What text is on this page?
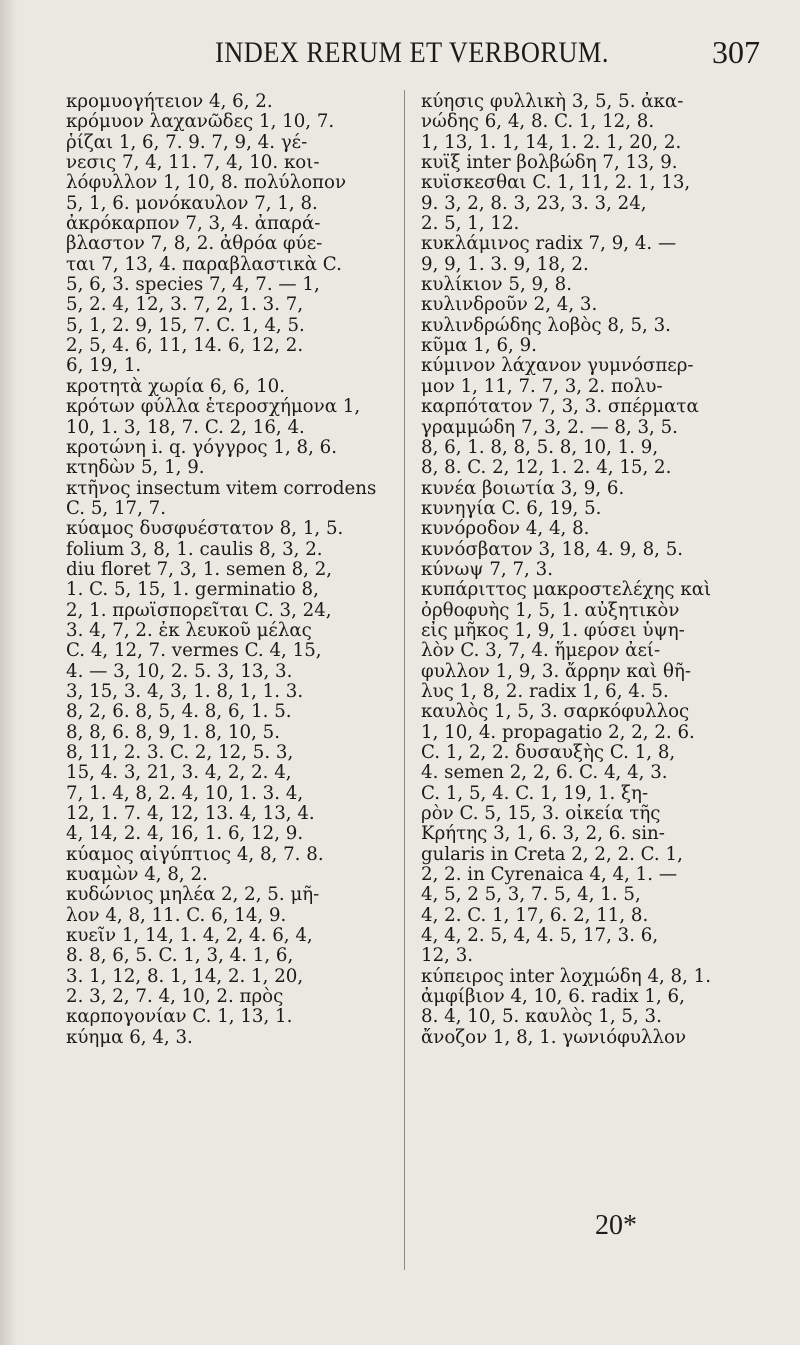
INDEX RERUM ET VERBORUM.	307
κρομυογήτειον 4, 6, 2.
κρόμυον λαχανῶδες 1, 10, 7.
ῥίζαι 1, 6, 7. 9. 7, 9, 4. γέ-
νεσις 7, 4, 11. 7, 4, 10. κοι-
λόφυλλον 1, 10, 8. πολύλοπον
5, 1, 6. μονόκαυλον 7, 1, 8.
ἀκρόκαρπον 7, 3, 4. ἀπαρά-
βλαστον 7, 8, 2. ἀθρόα φύε-
ται 7, 13, 4. παραβλαστικὰ C.
5, 6, 3. species 7, 4, 7. — 1,
5, 2. 4, 12, 3. 7, 2, 1. 3. 7,
5, 1, 2. 9, 15, 7. C. 1, 4, 5.
2, 5, 4. 6, 11, 14. 6, 12, 2.
6, 19, 1.
κροτητὰ χωρία 6, 6, 10.
κρότων φύλλα ἑτεροσχήμονα 1,
10, 1. 3, 18, 7. C. 2, 16, 4.
κροτώνη i. q. γόγγρος 1, 8, 6.
κτηδὼν 5, 1, 9.
κτῆνος insectum vitem corrodens
C. 5, 17, 7.
κύαμος δυσφυέστατον 8, 1, 5.
folium 3, 8, 1. caulis 8, 3, 2.
diu floret 7, 3, 1. semen 8, 2,
1. C. 5, 15, 1. germinatio 8,
2, 1. πρωϊσπορεῖται C. 3, 24,
3. 4, 7, 2. ἐκ λευκοῦ μέλας
C. 4, 12, 7. vermes C. 4, 15,
4. — 3, 10, 2. 5. 3, 13, 3.
3, 15, 3. 4, 3, 1. 8, 1, 1. 3.
8, 2, 6. 8, 5, 4. 8, 6, 1. 5.
8, 8, 6. 8, 9, 1. 8, 10, 5.
8, 11, 2. 3. C. 2, 12, 5. 3,
15, 4. 3, 21, 3. 4, 2, 2. 4,
7, 1. 4, 8, 2. 4, 10, 1. 3. 4,
12, 1. 7. 4, 12, 13. 4, 13, 4.
4, 14, 2. 4, 16, 1. 6, 12, 9.
κύαμος αἰγύπτιος 4, 8, 7. 8.
κυαμὼν 4, 8, 2.
κυδώνιος μηλέα 2, 2, 5. μῆ-
λον 4, 8, 11. C. 6, 14, 9.
κυεῖν 1, 14, 1. 4, 2, 4. 6, 4,
8. 8, 6, 5. C. 1, 3, 4. 1, 6,
3. 1, 12, 8. 1, 14, 2. 1, 20,
2. 3, 2, 7. 4, 10, 2. πρὸς
καρπογονίαν C. 1, 13, 1.
κύημα 6, 4, 3.
κύησις φυλλικὴ 3, 5, 5. ἀκα-
νώδης 6, 4, 8. C. 1, 12, 8.
1, 13, 1. 1, 14, 1. 2. 1, 20, 2.
κυΐξ inter βολβώδη 7, 13, 9.
κυΐσκεσθαι C. 1, 11, 2. 1, 13,
9. 3, 2, 8. 3, 23, 3. 3, 24,
2. 5, 1, 12.
κυκλάμινος radix 7, 9, 4. —
9, 9, 1. 3. 9, 18, 2.
κυλίκιον 5, 9, 8.
κυλινδροῦν 2, 4, 3.
κυλινδρώδης λοβὸς 8, 5, 3.
κῦμα 1, 6, 9.
κύμινον λάχανον γυμνόσπερ-
μον 1, 11, 7. 7, 3, 2. πολυ-
καρπότατον 7, 3, 3. σπέρματα
γραμμώδη 7, 3, 2. — 8, 3, 5.
8, 6, 1. 8, 8, 5. 8, 10, 1. 9,
8, 8. C. 2, 12, 1. 2. 4, 15, 2.
κυνέα βοιωτία 3, 9, 6.
κυνηγία C. 6, 19, 5.
κυνόροδον 4, 4, 8.
κυνόσβατον 3, 18, 4. 9, 8, 5.
κύνωψ 7, 7, 3.
κυπάριττος μακροστελέχης καὶ
ὀρθοφυὴς 1, 5, 1. αὐξητικὸν
εἰς μῆκος 1, 9, 1. φύσει ὑψη-
λὸν C. 3, 7, 4. ἥμερον ἀεί-
φυλλον 1, 9, 3. ἄρρην καὶ θῆ-
λυς 1, 8, 2. radix 1, 6, 4. 5.
καυλὸς 1, 5, 3. σαρκόφυλλος
1, 10, 4. propagatio 2, 2, 2. 6.
C. 1, 2, 2. δυσαυξὴς C. 1, 8,
4. semen 2, 2, 6. C. 4, 4, 3.
C. 1, 5, 4. C. 1, 19, 1. ξη-
ρὸν C. 5, 15, 3. οἰκεία τῆς
Κρήτης 3, 1, 6. 3, 2, 6. sin-
gularis in Creta 2, 2, 2. C. 1,
2, 2. in Cyrenaica 4, 4, 1. —
4, 5, 2 5, 3, 7. 5, 4, 1. 5,
4, 2. C. 1, 17, 6. 2, 11, 8.
4, 4, 2. 5, 4, 4. 5, 17, 3. 6,
12, 3.
κύπειρος inter λοχμώδη 4, 8, 1.
ἀμφίβιον 4, 10, 6. radix 1, 6,
8. 4, 10, 5. καυλὸς 1, 5, 3.
ἄνοζον 1, 8, 1. γωνιόφυλλον
20*
